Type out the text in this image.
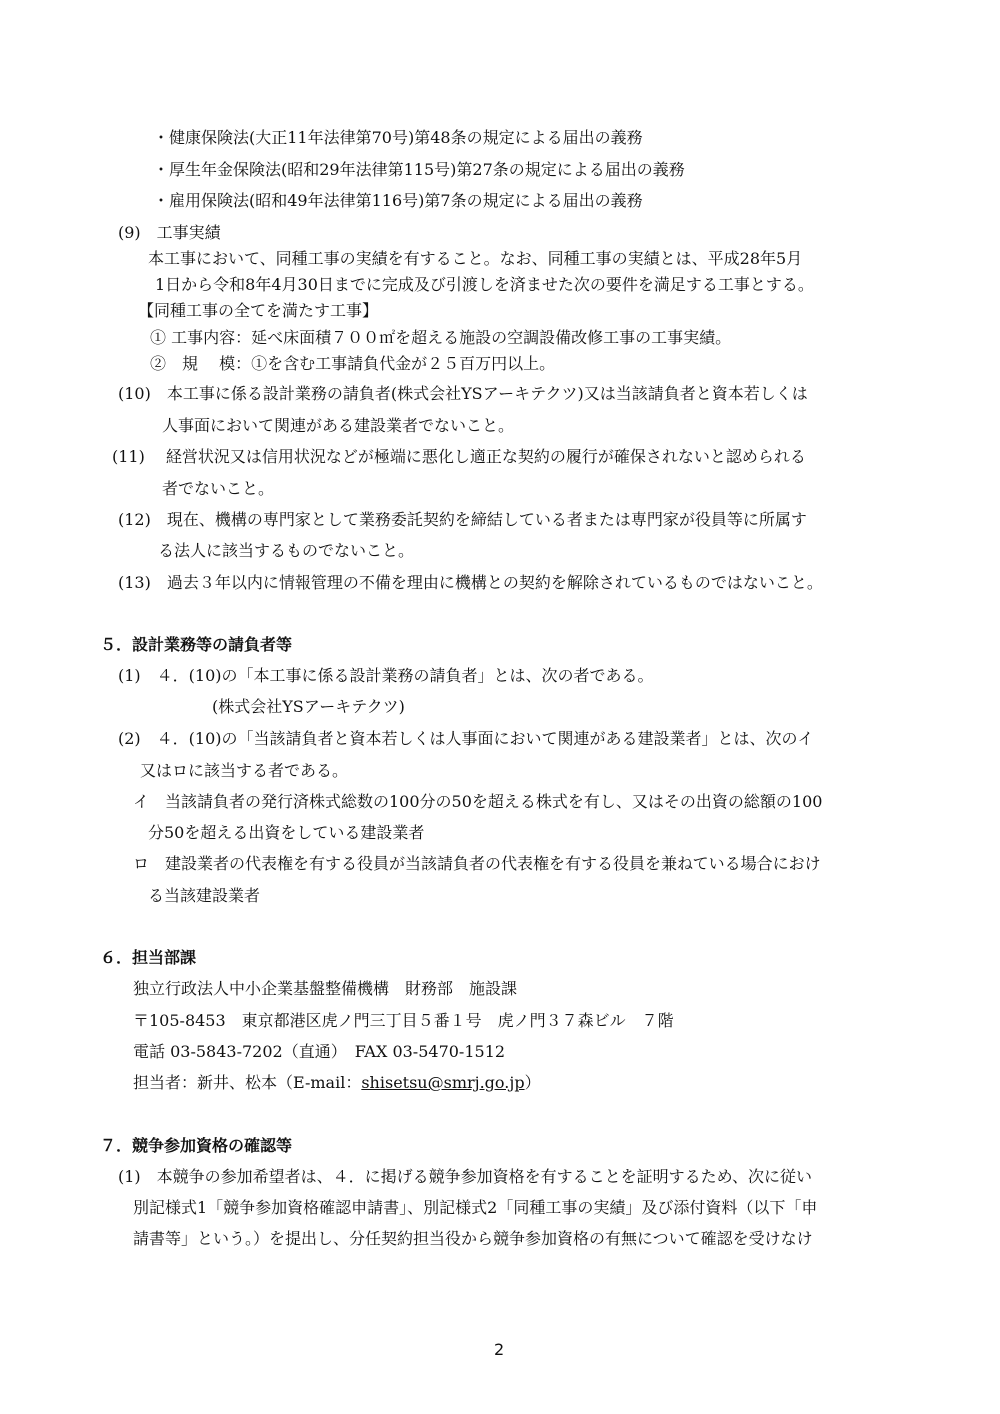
・健康保険法(大正11年法律第70号)第48条の規定による届出の義務
・厚生年金保険法(昭和29年法律第115号)第27条の規定による届出の義務
・雇用保険法(昭和49年法律第116号)第7条の規定による届出の義務
(9)　工事実績
本工事において、同種工事の実績を有すること。なお、同種工事の実績とは、平成28年5月
1日から令和8年4月30日までに完成及び引渡しを済ませた次の要件を満足する工事とする。
【同種工事の全てを満たす工事】
① 工事内容：延べ床面積７００㎡を超える施設の空調設備改修工事の工事実績。
②　規　 模：①を含む工事請負代金が２５百万円以上。
(10)　本工事に係る設計業務の請負者(株式会社YSアーキテクツ)又は当該請負者と資本若しくは
人事面において関連がある建設業者でないこと。
(11)　 経営状況又は信用状況などが極端に悪化し適正な契約の履行が確保されないと認められる
者でないこと。
(12)　現在、機構の専門家として業務委託契約を締結している者または専門家が役員等に所属す
る法人に該当するものでないこと。
(13)　過去３年以内に情報管理の不備を理由に機構との契約を解除されているものではないこと。
５．設計業務等の請負者等
(1)　４．(10)の「本工事に係る設計業務の請負者」とは、次の者である。
(株式会社YSアーキテクツ)
(2)　４．(10)の「当該請負者と資本若しくは人事面において関連がある建設業者」とは、次のイ
又はロに該当する者である。
イ　当該請負者の発行済株式総数の100分の50を超える株式を有し、又はその出資の総額の100
分50を超える出資をしている建設業者
ロ　建設業者の代表権を有する役員が当該請負者の代表権を有する役員を兼ねている場合におけ
る当該建設業者
６．担当部課
独立行政法人中小企業基盤整備機構　財務部　施設課
〒105-8453　東京都港区虎ノ門三丁目５番１号　虎ノ門３７森ビル　７階
電話 03-5843-7202（直通）　FAX 03-5470-1512
担当者：新井、松本（E-mail：shisetsu@smrj.go.jp）
７．競争参加資格の確認等
(1)　本競争の参加希望者は、４．に掲げる競争参加資格を有することを証明するため、次に従い
別記様式1「競争参加資格確認申請書」、別記様式2「同種工事の実績」及び添付資料（以下「申
請書等」という。）を提出し、分任契約担当役から競争参加資格の有無について確認を受けなけ
2
